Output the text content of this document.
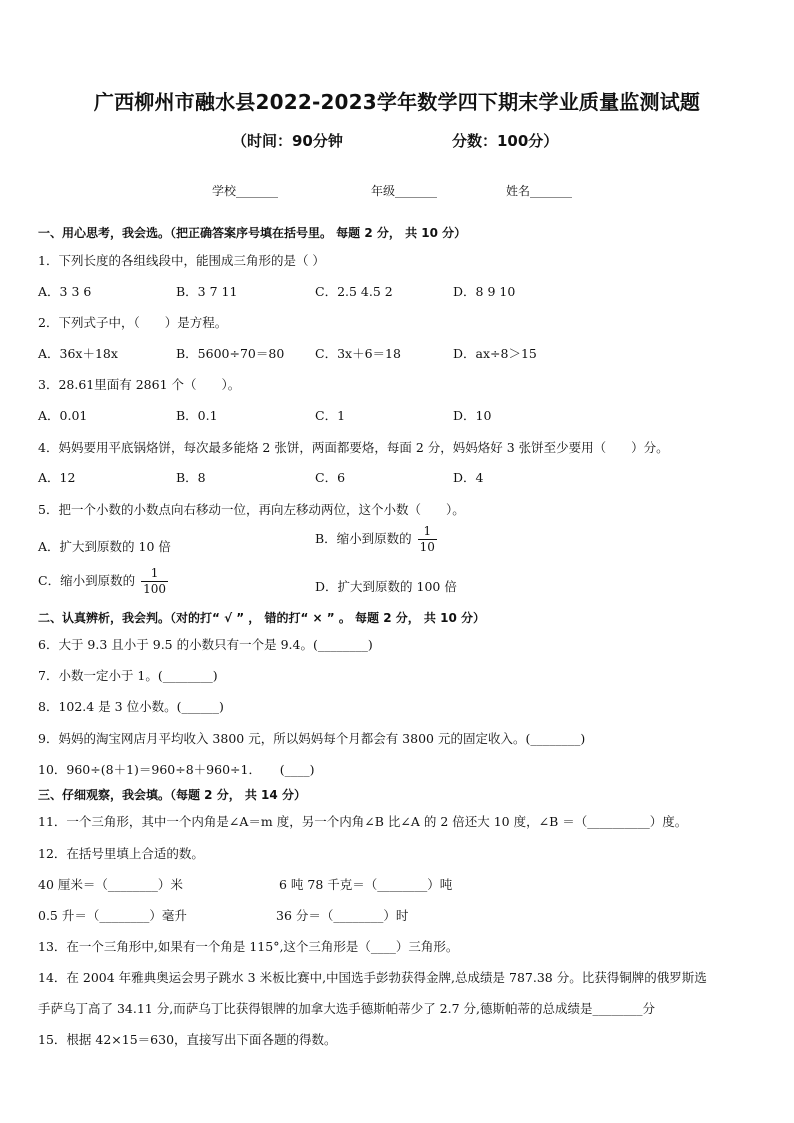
广西柳州市融水县2022-2023学年数学四下期末学业质量监测试题
（时间：90分钟	分数：100分）
学校_______	年级_______	姓名_______
一、用心思考，我会选。（把正确答案序号填在括号里。 每题 2 分， 共 10 分）
1．下列长度的各组线段中，能围成三角形的是（ ）
A．3 3 6	B．3 7 11	C．2.5 4.5 2	D．8 9 10
2．下列式子中，（　　）是方程。
A．36x＋18x	B．5600÷70＝80 C．3x＋6＝18	D．ax÷8＞15
3．28.61里面有 2861 个（　　）。
A．0.01	B．0.1	C．1	D．10
4．妈妈要用平底锅烙饼，每次最多能烙 2 张饼，两面都要烙，每面 2 分，妈妈烙好 3 张饼至少要用（　　）分。
A．12	B．8	C．6	D．4
5．把一个小数的小数点向右移动一位，再向左移动两位，这个小数（　　）。
A．扩大到原数的 10 倍
B．缩小到原数的 $\frac{1}{10}$
C．缩小到原数的 $\frac{1}{100}$	D．扩大到原数的 100 倍
二、认真辨析，我会判。（对的打“ √ ” ， 错的打“ × ” 。 每题 2 分， 共 10 分）
6．大于 9.3 且小于 9.5 的小数只有一个是 9.4。(________)
7．小数一定小于 1。(________)
8．102.4 是 3 位小数。(______)
9．妈妈的淘宝网店月平均收入 3800 元，所以妈妈每个月都会有 3800 元的固定收入。(________)
10．960÷(8＋1)＝960÷8＋960÷1．　　(____)
三、仔细观察，我会填。（每题 2 分， 共 14 分）
11．一个三角形，其中一个内角是∠A＝m 度，另一个内角∠B 比∠A 的 2 倍还大 10 度，∠B ＝（__________）度。
12．在括号里填上合适的数。
40 厘米＝（________）米	6 吨 78 千克＝（________）吨
0.5 升＝（________）毫升	36 分＝（________）时
13．在一个三角形中,如果有一个角是 115°,这个三角形是（____）三角形。
14．在 2004 年雅典奥运会男子跳水 3 米板比赛中,中国选手彭勃获得金牌,总成绩是 787.38 分。比获得铜牌的俄罗斯选
手萨乌丁高了 34.11 分,而萨乌丁比获得银牌的加拿大选手德斯帕蒂少了 2.7 分,德斯帕蒂的总成绩是________分
15．根据 42×15＝630，直接写出下面各题的得数。
